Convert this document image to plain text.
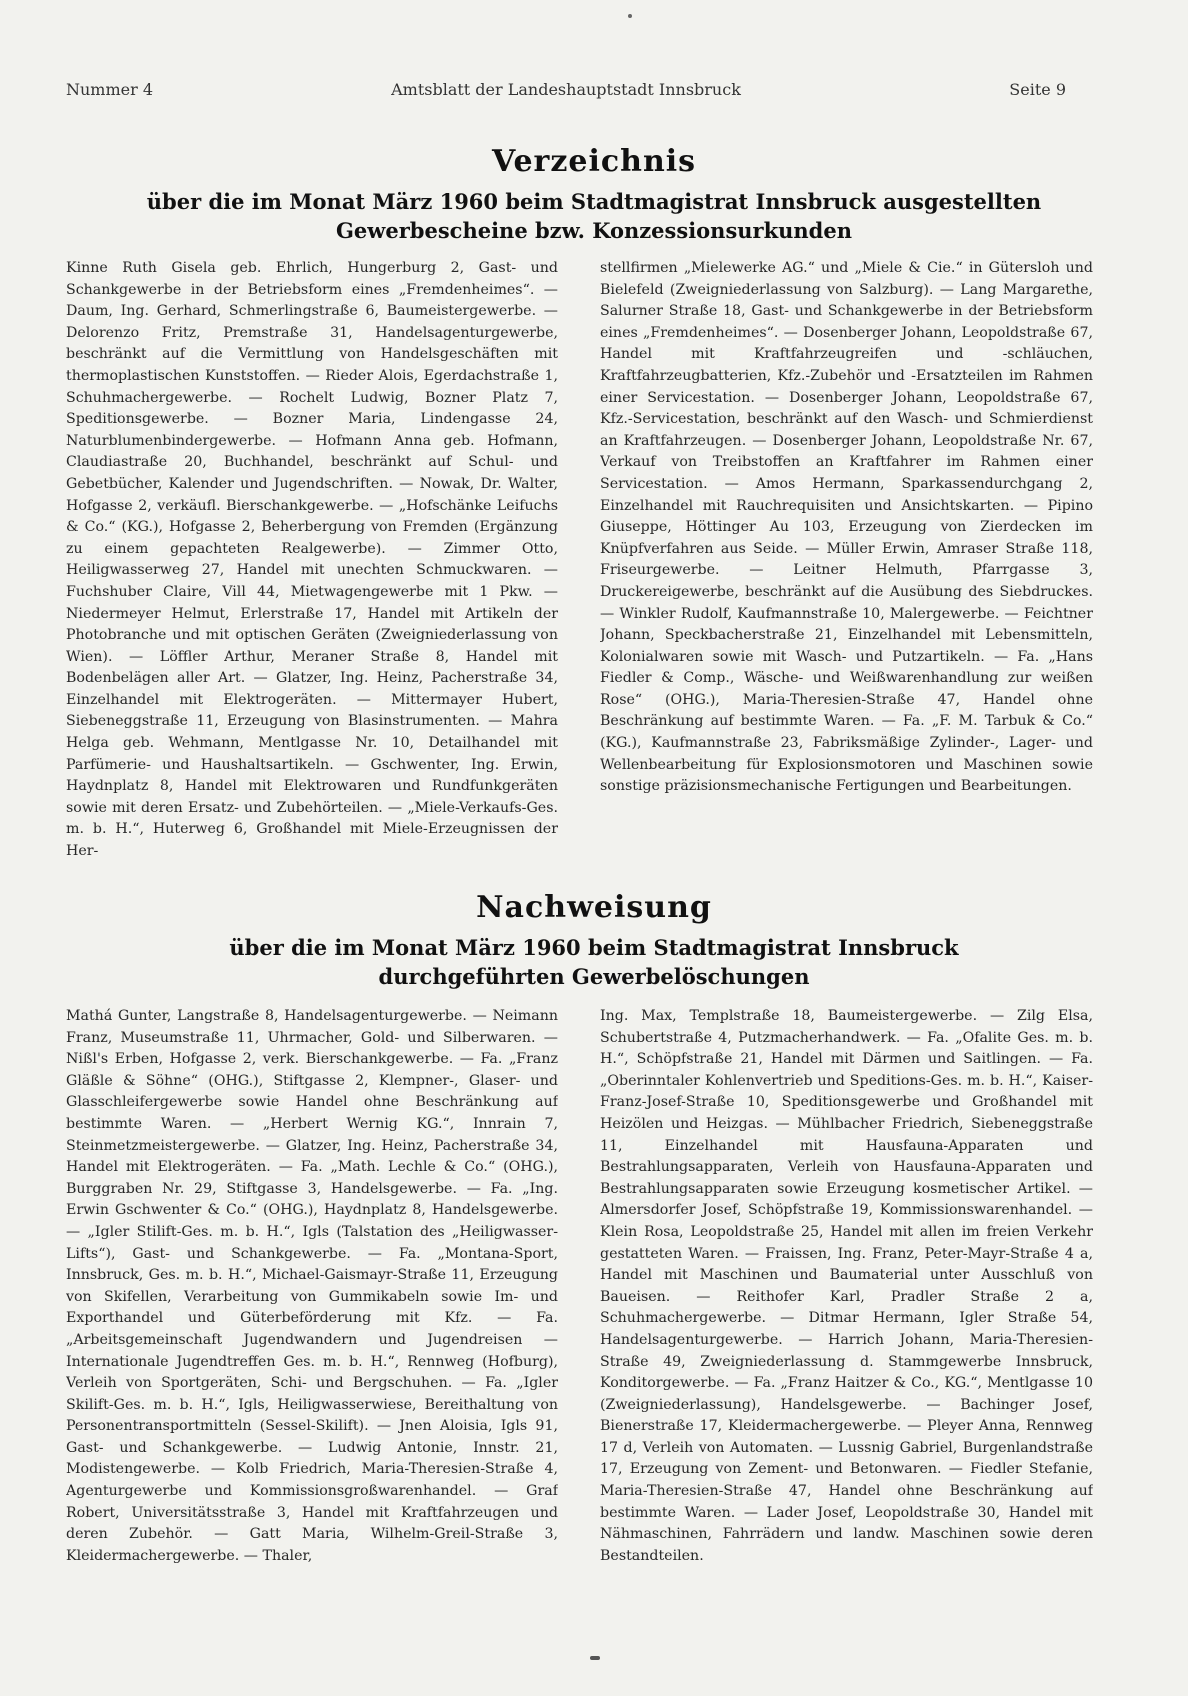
Nummer 4	Amtsblatt der Landeshauptstadt Innsbruck	Seite 9
Verzeichnis
über die im Monat März 1960 beim Stadtmagistrat Innsbruck ausgestellten
Gewerbescheine bzw. Konzessionsurkunden

Kinne Ruth Gisela geb. Ehrlich, Hungerburg 2, Gast- und Schankgewerbe in der Betriebsform eines „Fremdenheimes“. — Daum, Ing. Gerhard, Schmerlingstraße 6, Baumeistergewerbe. — Delorenzo Fritz, Premstraße 31, Handelsagenturgewerbe, beschränkt auf die Vermittlung von Handelsgeschäften mit thermoplastischen Kunststoffen. — Rieder Alois, Egerdachstraße 1, Schuhmachergewerbe. — Rochelt Ludwig, Bozner Platz 7, Speditionsgewerbe. — Bozner Maria, Lindengasse 24, Naturblumenbindergewerbe. — Hofmann Anna geb. Hofmann, Claudiastraße 20, Buchhandel, beschränkt auf Schul- und Gebetbücher, Kalender und Jugendschriften. — Nowak, Dr. Walter, Hofgasse 2, verkäufl. Bierschankgewerbe. — „Hofschänke Leifuchs & Co.“ (KG.), Hofgasse 2, Beherbergung von Fremden (Ergänzung zu einem gepachteten Realgewerbe). — Zimmer Otto, Heiligwasserweg 27, Handel mit unechten Schmuckwaren. — Fuchshuber Claire, Vill 44, Mietwagengewerbe mit 1 Pkw. — Niedermeyer Helmut, Erlerstraße 17, Handel mit Artikeln der Photobranche und mit optischen Geräten (Zweigniederlassung von Wien). — Löffler Arthur, Meraner Straße 8, Handel mit Bodenbelägen aller Art. — Glatzer, Ing. Heinz, Pacherstraße 34, Einzelhandel mit Elektrogeräten. — Mittermayer Hubert, Siebeneggstraße 11, Erzeugung von Blasinstrumenten. — Mahra Helga geb. Wehmann, Mentlgasse Nr. 10, Detailhandel mit Parfümerie- und Haushaltsartikeln. — Gschwenter, Ing. Erwin, Haydnplatz 8, Handel mit Elektrowaren und Rundfunkgeräten sowie mit deren Ersatz- und Zubehörteilen. — „Miele-Verkaufs-Ges. m. b. H.“, Huterweg 6, Großhandel mit Miele-Erzeugnissen der Her-

stellfirmen „Mielewerke AG.“ und „Miele & Cie.“ in Gütersloh und Bielefeld (Zweigniederlassung von Salzburg). — Lang Margarethe, Salurner Straße 18, Gast- und Schankgewerbe in der Betriebsform eines „Fremdenheimes“. — Dosenberger Johann, Leopoldstraße 67, Handel mit Kraftfahrzeugreifen und -schläuchen, Kraftfahrzeugbatterien, Kfz.-Zubehör und -Ersatzteilen im Rahmen einer Servicestation. — Dosenberger Johann, Leopoldstraße 67, Kfz.-Servicestation, beschränkt auf den Wasch- und Schmierdienst an Kraftfahrzeugen. — Dosenberger Johann, Leopoldstraße Nr. 67, Verkauf von Treibstoffen an Kraftfahrer im Rahmen einer Servicestation. — Amos Hermann, Sparkassendurchgang 2, Einzelhandel mit Rauchrequisiten und Ansichtskarten. — Pipino Giuseppe, Höttinger Au 103, Erzeugung von Zierdecken im Knüpfverfahren aus Seide. — Müller Erwin, Amraser Straße 118, Friseurgewerbe. — Leitner Helmuth, Pfarrgasse 3, Druckereigewerbe, beschränkt auf die Ausübung des Siebdruckes. — Winkler Rudolf, Kaufmannstraße 10, Malergewerbe. — Feichtner Johann, Speckbacherstraße 21, Einzelhandel mit Lebensmitteln, Kolonialwaren sowie mit Wasch- und Putzartikeln. — Fa. „Hans Fiedler & Comp., Wäsche- und Weißwarenhandlung zur weißen Rose“ (OHG.), Maria-Theresien-Straße 47, Handel ohne Beschränkung auf bestimmte Waren. — Fa. „F. M. Tarbuk & Co.“ (KG.), Kaufmannstraße 23, Fabriksmäßige Zylinder-, Lager- und Wellenbearbeitung für Explosionsmotoren und Maschinen sowie sonstige präzisionsmechanische Fertigungen und Bearbeitungen.

Nachweisung
über die im Monat März 1960 beim Stadtmagistrat Innsbruck
durchgeführten Gewerbelöschungen

Mathá Gunter, Langstraße 8, Handelsagenturgewerbe. — Neimann Franz, Museumstraße 11, Uhrmacher, Gold- und Silberwaren. — Nißl's Erben, Hofgasse 2, verk. Bierschankgewerbe. — Fa. „Franz Gläßle & Söhne“ (OHG.), Stiftgasse 2, Klempner-, Glaser- und Glasschleifergewerbe sowie Handel ohne Beschränkung auf bestimmte Waren. — „Herbert Wernig KG.“, Innrain 7, Steinmetzmeistergewerbe. — Glatzer, Ing. Heinz, Pacherstraße 34, Handel mit Elektrogeräten. — Fa. „Math. Lechle & Co.“ (OHG.), Burggraben Nr. 29, Stiftgasse 3, Handelsgewerbe. — Fa. „Ing. Erwin Gschwenter & Co.“ (OHG.), Haydnplatz 8, Handelsgewerbe. — „Igler Stilift-Ges. m. b. H.“, Igls (Talstation des „Heiligwasser-Lifts“), Gast- und Schankgewerbe. — Fa. „Montana-Sport, Innsbruck, Ges. m. b. H.“, Michael-Gaismayr-Straße 11, Erzeugung von Skifellen, Verarbeitung von Gummikabeln sowie Im- und Exporthandel und Güterbeförderung mit Kfz. — Fa. „Arbeitsgemeinschaft Jugendwandern und Jugendreisen — Internationale Jugendtreffen Ges. m. b. H.“, Rennweg (Hofburg), Verleih von Sportgeräten, Schi- und Bergschuhen. — Fa. „Igler Skilift-Ges. m. b. H.“, Igls, Heiligwasserwiese, Bereithaltung von Personentransportmitteln (Sessel-Skilift). — Jnen Aloisia, Igls 91, Gast- und Schankgewerbe. — Ludwig Antonie, Innstr. 21, Modistengewerbe. — Kolb Friedrich, Maria-Theresien-Straße 4, Agenturgewerbe und Kommissionsgroßwarenhandel. — Graf Robert, Universitätsstraße 3, Handel mit Kraftfahrzeugen und deren Zubehör. — Gatt Maria, Wilhelm-Greil-Straße 3, Kleidermachergewerbe. — Thaler,

Ing. Max, Templstraße 18, Baumeistergewerbe. — Zilg Elsa, Schubertstraße 4, Putzmacherhandwerk. — Fa. „Ofalite Ges. m. b. H.“, Schöpfstraße 21, Handel mit Därmen und Saitlingen. — Fa. „Oberinntaler Kohlenvertrieb und Speditions-Ges. m. b. H.“, Kaiser-Franz-Josef-Straße 10, Speditionsgewerbe und Großhandel mit Heizölen und Heizgas. — Mühlbacher Friedrich, Siebeneggstraße 11, Einzelhandel mit Hausfauna-Apparaten und Bestrahlungsapparaten, Verleih von Hausfauna-Apparaten und Bestrahlungsapparaten sowie Erzeugung kosmetischer Artikel. — Almersdorfer Josef, Schöpfstraße 19, Kommissionswarenhandel. — Klein Rosa, Leopoldstraße 25, Handel mit allen im freien Verkehr gestatteten Waren. — Fraissen, Ing. Franz, Peter-Mayr-Straße 4 a, Handel mit Maschinen und Baumaterial unter Ausschluß von Baueisen. — Reithofer Karl, Pradler Straße 2 a, Schuhmachergewerbe. — Ditmar Hermann, Igler Straße 54, Handelsagenturgewerbe. — Harrich Johann, Maria-Theresien-Straße 49, Zweigniederlassung d. Stammgewerbe Innsbruck, Konditorgewerbe. — Fa. „Franz Haitzer & Co., KG.“, Mentlgasse 10 (Zweigniederlassung), Handelsgewerbe. — Bachinger Josef, Bienerstraße 17, Kleidermachergewerbe. — Pleyer Anna, Rennweg 17 d, Verleih von Automaten. — Lussnig Gabriel, Burgenlandstraße 17, Erzeugung von Zement- und Betonwaren. — Fiedler Stefanie, Maria-Theresien-Straße 47, Handel ohne Beschränkung auf bestimmte Waren. — Lader Josef, Leopoldstraße 30, Handel mit Nähmaschinen, Fahrrädern und landw. Maschinen sowie deren Bestandteilen.
